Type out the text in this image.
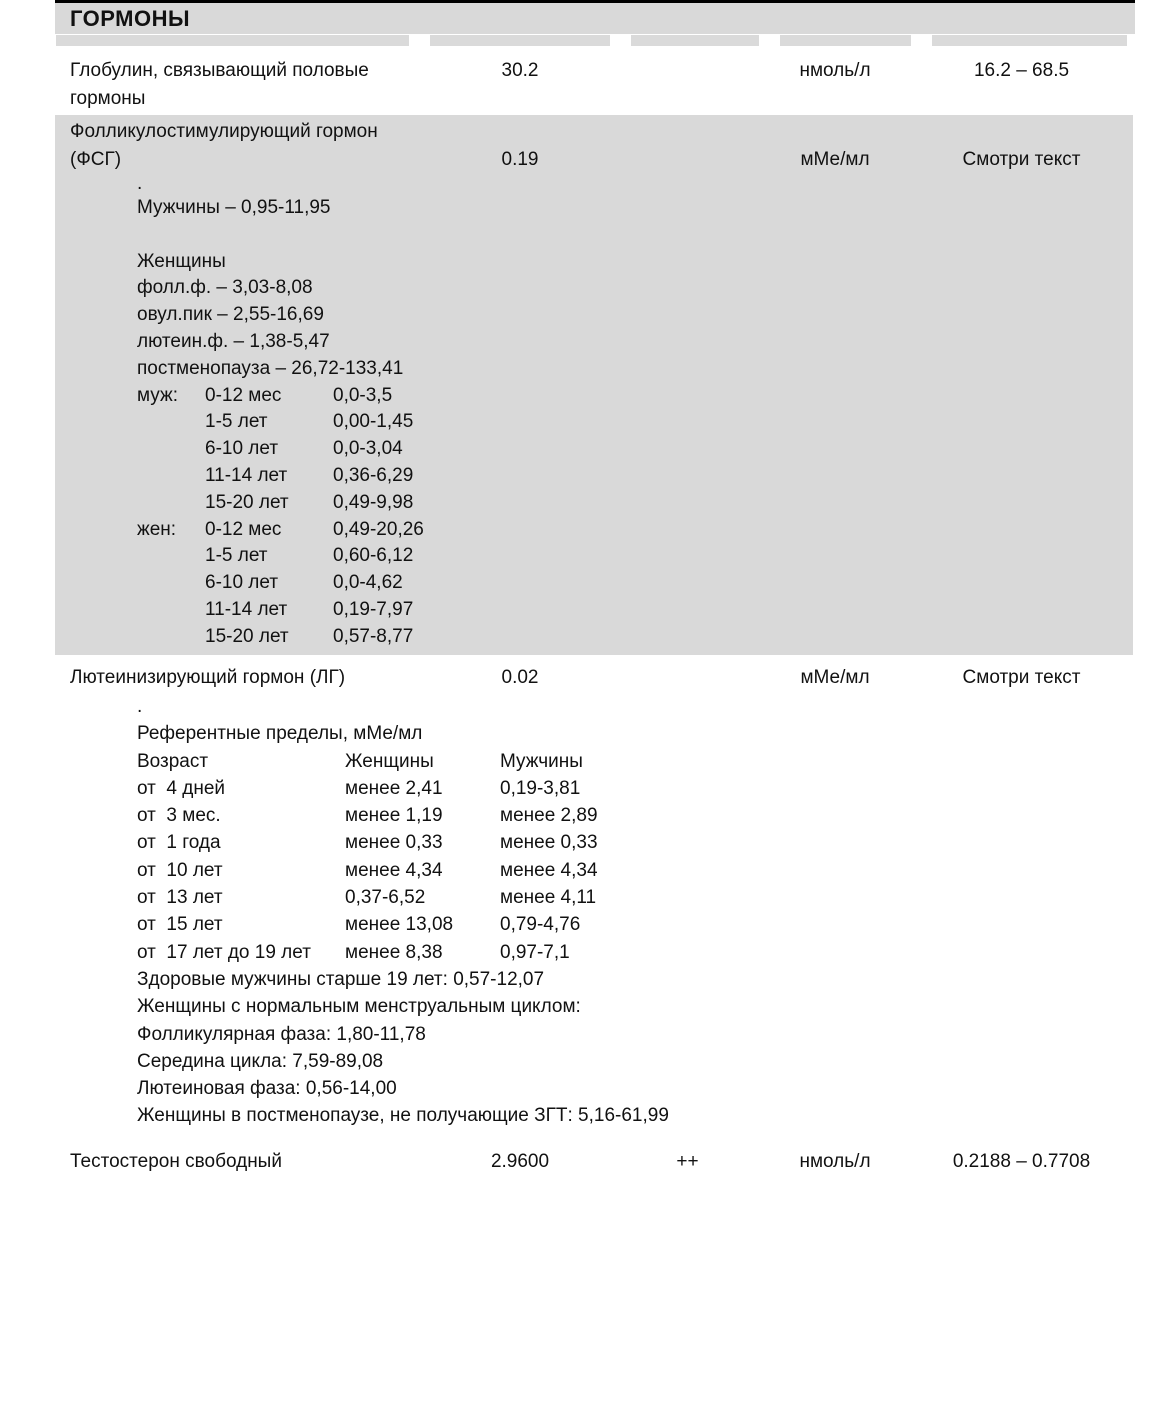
ГОРМОНЫ
Глобулин, связывающий половые
гормоны
30.2	нмоль/л	16.2 – 68.5
Фолликулостимулирующий гормон
(ФСГ)	0.19	мМе/мл	Смотри текст
.
Мужчины – 0,95-11,95
Женщины
фолл.ф. – 3,03-8,08
овул.пик – 2,55-16,69
лютеин.ф. – 1,38-5,47
постменопауза – 26,72-133,41
муж:	0-12 мес	0,0-3,5
1-5 лет	0,00-1,45
6-10 лет	0,0-3,04
11-14 лет	0,36-6,29
15-20 лет	0,49-9,98
жен:	0-12 мес	0,49-20,26
1-5 лет	0,60-6,12
6-10 лет	0,0-4,62
11-14 лет	0,19-7,97
15-20 лет	0,57-8,77
Лютеинизирующий гормон (ЛГ)	0.02	мМе/мл	Смотри текст
.
Референтные пределы, мМе/мл
Возраст	Женщины	Мужчины
от  4 дней	менее 2,41	0,19-3,81
от  3 мес.	менее 1,19	менее 2,89
от  1 года	менее 0,33	менее 0,33
от  10 лет	менее 4,34	менее 4,34
от  13 лет	0,37-6,52	менее 4,11
от  15 лет	менее 13,08	0,79-4,76
от  17 лет до 19 лет	менее 8,38	0,97-7,1
Здоровые мужчины старше 19 лет: 0,57-12,07
Женщины с нормальным менструальным циклом:
Фолликулярная фаза: 1,80-11,78
Середина цикла: 7,59-89,08
Лютеиновая фаза: 0,56-14,00
Женщины в постменопаузе, не получающие ЗГТ: 5,16-61,99
Тестостерон свободный	2.9600	++	нмоль/л	0.2188 – 0.7708
